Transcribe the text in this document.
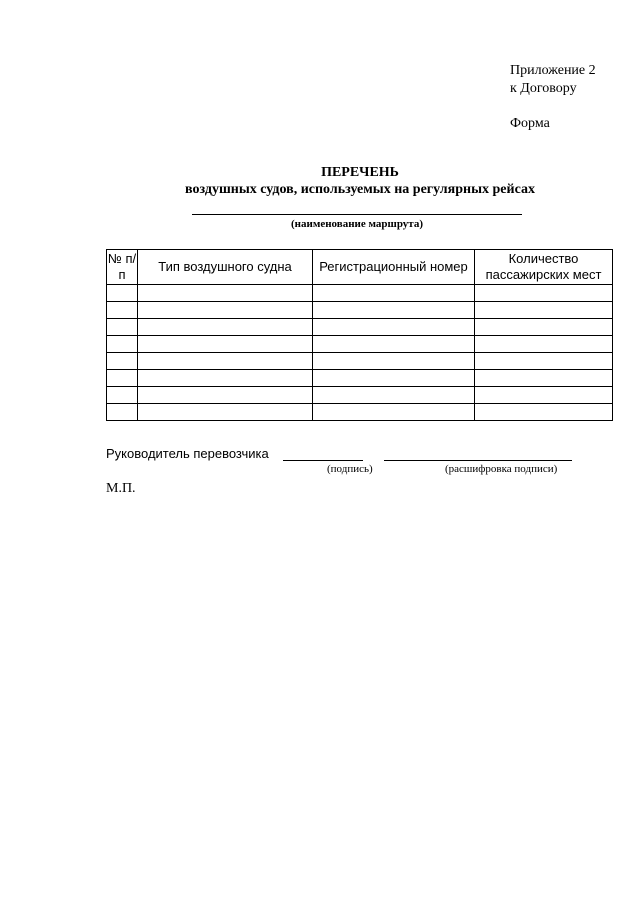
Приложение 2
к Договору
Форма
ПЕРЕЧЕНЬ
воздушных судов, используемых на регулярных рейсах
(наименование маршрута)
№ п/п	Тип воздушного судна	Регистрационный номер	Количество пассажирских мест

Руководитель перевозчика
(подпись)	(расшифровка подписи)
М.П.
